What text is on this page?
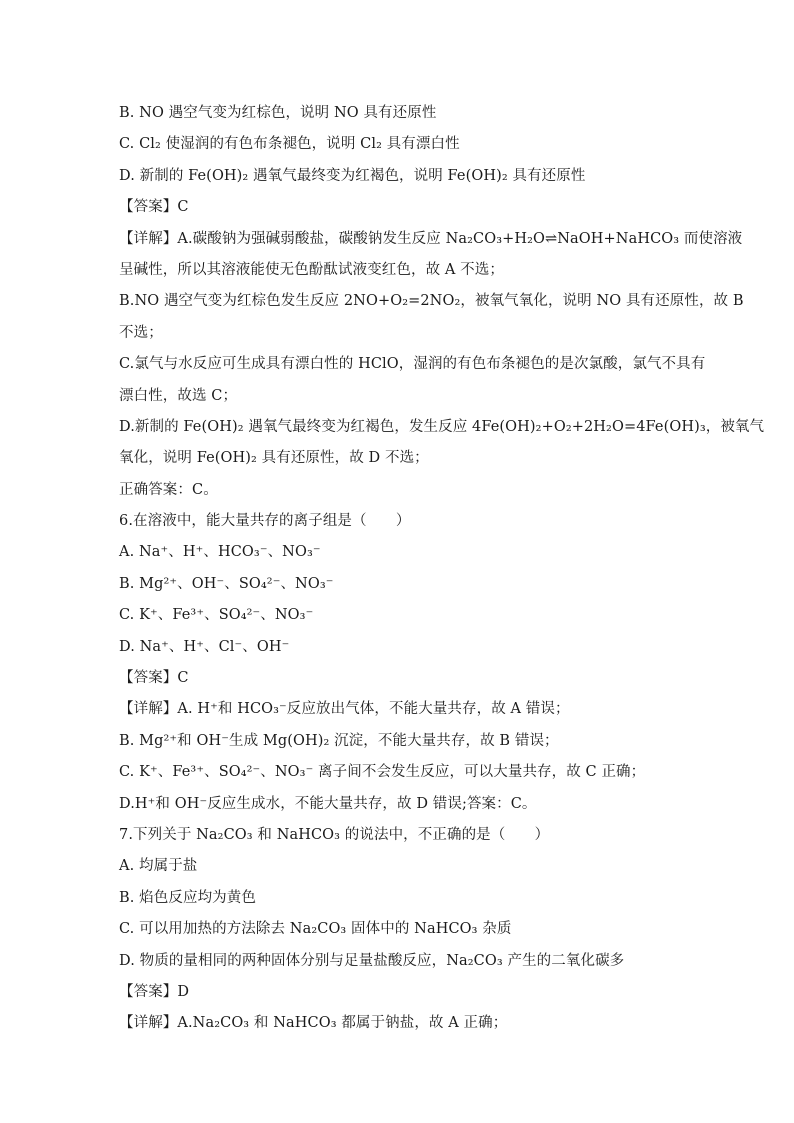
B. NO 遇空气变为红棕色，说明 NO 具有还原性
C. Cl₂ 使湿润的有色布条褪色，说明 Cl₂ 具有漂白性
D. 新制的 Fe(OH)₂ 遇氧气最终变为红褐色，说明 Fe(OH)₂ 具有还原性
【答案】C
【详解】A.碳酸钠为强碱弱酸盐，碳酸钠发生反应 Na₂CO₃+H₂O⇌NaOH+NaHCO₃ 而使溶液
呈碱性，所以其溶液能使无色酚酞试液变红色，故 A 不选；
B.NO 遇空气变为红棕色发生反应 2NO+O₂=2NO₂，被氧气氧化，说明 NO 具有还原性，故 B
不选；
C.氯气与水反应可生成具有漂白性的 HClO，湿润的有色布条褪色的是次氯酸，氯气不具有
漂白性，故选 C；
D.新制的 Fe(OH)₂ 遇氧气最终变为红褐色，发生反应 4Fe(OH)₂+O₂+2H₂O=4Fe(OH)₃，被氧气
氧化，说明 Fe(OH)₂ 具有还原性，故 D 不选；
正确答案：C。
6.在溶液中，能大量共存的离子组是（　　）
A. Na⁺、H⁺、HCO₃⁻、NO₃⁻
B. Mg²⁺、OH⁻、SO₄²⁻、NO₃⁻
C. K⁺、Fe³⁺、SO₄²⁻、NO₃⁻
D. Na⁺、H⁺、Cl⁻、OH⁻
【答案】C
【详解】A. H⁺和 HCO₃⁻反应放出气体，不能大量共存，故 A 错误；
B. Mg²⁺和 OH⁻生成 Mg(OH)₂ 沉淀，不能大量共存，故 B 错误；
C. K⁺、Fe³⁺、SO₄²⁻、NO₃⁻ 离子间不会发生反应，可以大量共存，故 C 正确；
D.H⁺和 OH⁻反应生成水，不能大量共存，故 D 错误;答案：C。
7.下列关于 Na₂CO₃ 和 NaHCO₃ 的说法中，不正确的是（　　）
A. 均属于盐
B. 焰色反应均为黄色
C. 可以用加热的方法除去 Na₂CO₃ 固体中的 NaHCO₃ 杂质
D. 物质的量相同的两种固体分别与足量盐酸反应，Na₂CO₃ 产生的二氧化碳多
【答案】D
【详解】A.Na₂CO₃ 和 NaHCO₃ 都属于钠盐，故 A 正确；
